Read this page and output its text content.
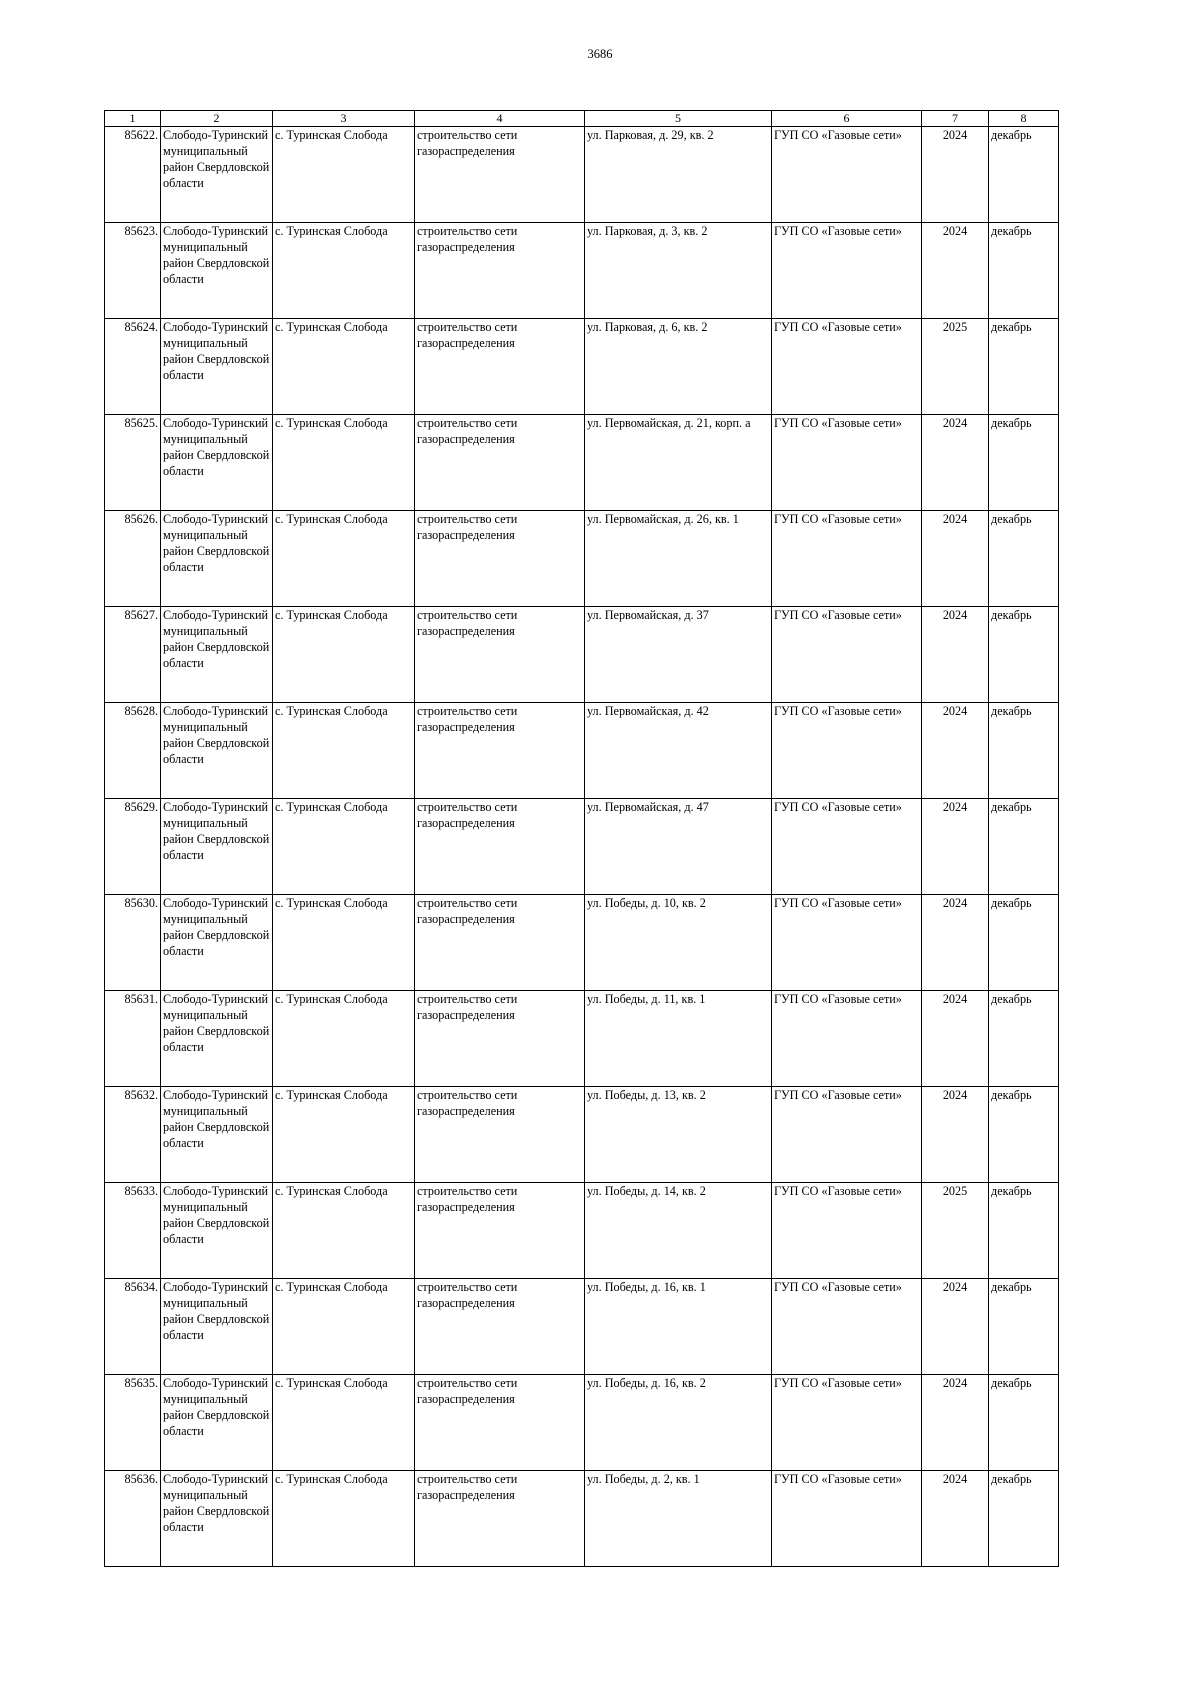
3686
1	2	3	4	5	6	7	8
85622.	Слободо-Туринский муниципальный район Свердловской области	с. Туринская Слобода	строительство сети газораспределения	ул. Парковая, д. 29, кв. 2	ГУП СО «Газовые сети»	2024	декабрь
85623.	Слободо-Туринский муниципальный район Свердловской области	с. Туринская Слобода	строительство сети газораспределения	ул. Парковая, д. 3, кв. 2	ГУП СО «Газовые сети»	2024	декабрь
85624.	Слободо-Туринский муниципальный район Свердловской области	с. Туринская Слобода	строительство сети газораспределения	ул. Парковая, д. 6, кв. 2	ГУП СО «Газовые сети»	2025	декабрь
85625.	Слободо-Туринский муниципальный район Свердловской области	с. Туринская Слобода	строительство сети газораспределения	ул. Первомайская, д. 21, корп. а	ГУП СО «Газовые сети»	2024	декабрь
85626.	Слободо-Туринский муниципальный район Свердловской области	с. Туринская Слобода	строительство сети газораспределения	ул. Первомайская, д. 26, кв. 1	ГУП СО «Газовые сети»	2024	декабрь
85627.	Слободо-Туринский муниципальный район Свердловской области	с. Туринская Слобода	строительство сети газораспределения	ул. Первомайская, д. 37	ГУП СО «Газовые сети»	2024	декабрь
85628.	Слободо-Туринский муниципальный район Свердловской области	с. Туринская Слобода	строительство сети газораспределения	ул. Первомайская, д. 42	ГУП СО «Газовые сети»	2024	декабрь
85629.	Слободо-Туринский муниципальный район Свердловской области	с. Туринская Слобода	строительство сети газораспределения	ул. Первомайская, д. 47	ГУП СО «Газовые сети»	2024	декабрь
85630.	Слободо-Туринский муниципальный район Свердловской области	с. Туринская Слобода	строительство сети газораспределения	ул. Победы, д. 10, кв. 2	ГУП СО «Газовые сети»	2024	декабрь
85631.	Слободо-Туринский муниципальный район Свердловской области	с. Туринская Слобода	строительство сети газораспределения	ул. Победы, д. 11, кв. 1	ГУП СО «Газовые сети»	2024	декабрь
85632.	Слободо-Туринский муниципальный район Свердловской области	с. Туринская Слобода	строительство сети газораспределения	ул. Победы, д. 13, кв. 2	ГУП СО «Газовые сети»	2024	декабрь
85633.	Слободо-Туринский муниципальный район Свердловской области	с. Туринская Слобода	строительство сети газораспределения	ул. Победы, д. 14, кв. 2	ГУП СО «Газовые сети»	2025	декабрь
85634.	Слободо-Туринский муниципальный район Свердловской области	с. Туринская Слобода	строительство сети газораспределения	ул. Победы, д. 16, кв. 1	ГУП СО «Газовые сети»	2024	декабрь
85635.	Слободо-Туринский муниципальный район Свердловской области	с. Туринская Слобода	строительство сети газораспределения	ул. Победы, д. 16, кв. 2	ГУП СО «Газовые сети»	2024	декабрь
85636.	Слободо-Туринский муниципальный район Свердловской области	с. Туринская Слобода	строительство сети газораспределения	ул. Победы, д. 2, кв. 1	ГУП СО «Газовые сети»	2024	декабрь
